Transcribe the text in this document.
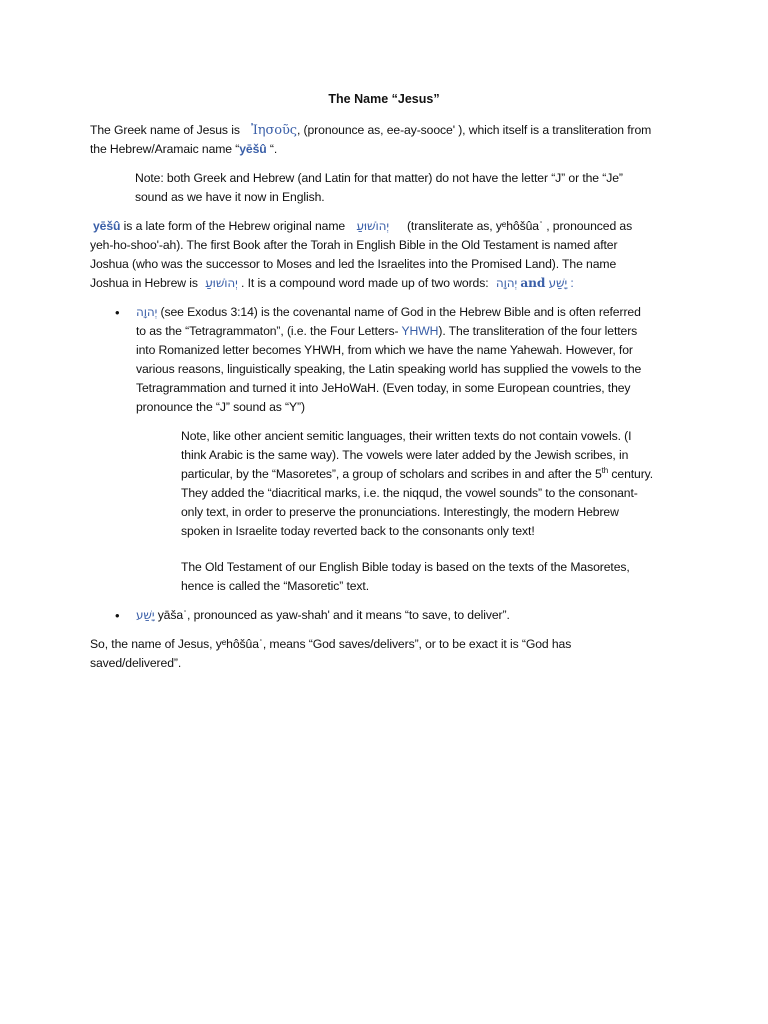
The Name “Jesus”
The Greek name of Jesus is Ἰησοῦς, (pronounce as, ee-ay-sooce' ), which itself is a transliteration from
the Hebrew/Aramaic name “yēšû “.
Note: both Greek and Hebrew (and Latin for that matter) do not have the letter “J” or the “Je”
sound as we have it now in English.
yēšû is a late form of the Hebrew original name יְהוֹשׁוּעַ (transliterate as, yᵉhôšûaʿ , pronounced as
yeh-ho-shoo'-ah). The first Book after the Torah in English Bible in the Old Testament is named after
Joshua (who was the successor to Moses and led the Israelites into the Promised Land). The name
Joshua in Hebrew is יְהוֹשׁוּעַ . It is a compound word made up of two words: יְהוָה and יָשַׁע :
• יְהוָה (see Exodus 3:14) is the covenantal name of God in the Hebrew Bible and is often referred
to as the “Tetragrammaton”, (i.e. the Four Letters- YHWH). The transliteration of the four letters
into Romanized letter becomes YHWH, from which we have the name Yahewah. However, for
various reasons, linguistically speaking, the Latin speaking world has supplied the vowels to the
Tetragrammation and turned it into JeHoWaH. (Even today, in some European countries, they
pronounce the “J” sound as “Y”)
Note, like other ancient semitic languages, their written texts do not contain vowels. (I
think Arabic is the same way). The vowels were later added by the Jewish scribes, in
particular, by the “Masoretes”, a group of scholars and scribes in and after the 5th century.
They added the “diacritical marks, i.e. the niqqud, the vowel sounds” to the consonant-
only text, in order to preserve the pronunciations. Interestingly, the modern Hebrew
spoken in Israelite today reverted back to the consonants only text!
The Old Testament of our English Bible today is based on the texts of the Masoretes,
hence is called the “Masoretic” text.
• יָשַׁע yāšaʿ, pronounced as yaw-shah' and it means “to save, to deliver”.
So, the name of Jesus, yᵉhôšûaʿ, means “God saves/delivers”, or to be exact it is “God has
saved/delivered”.
